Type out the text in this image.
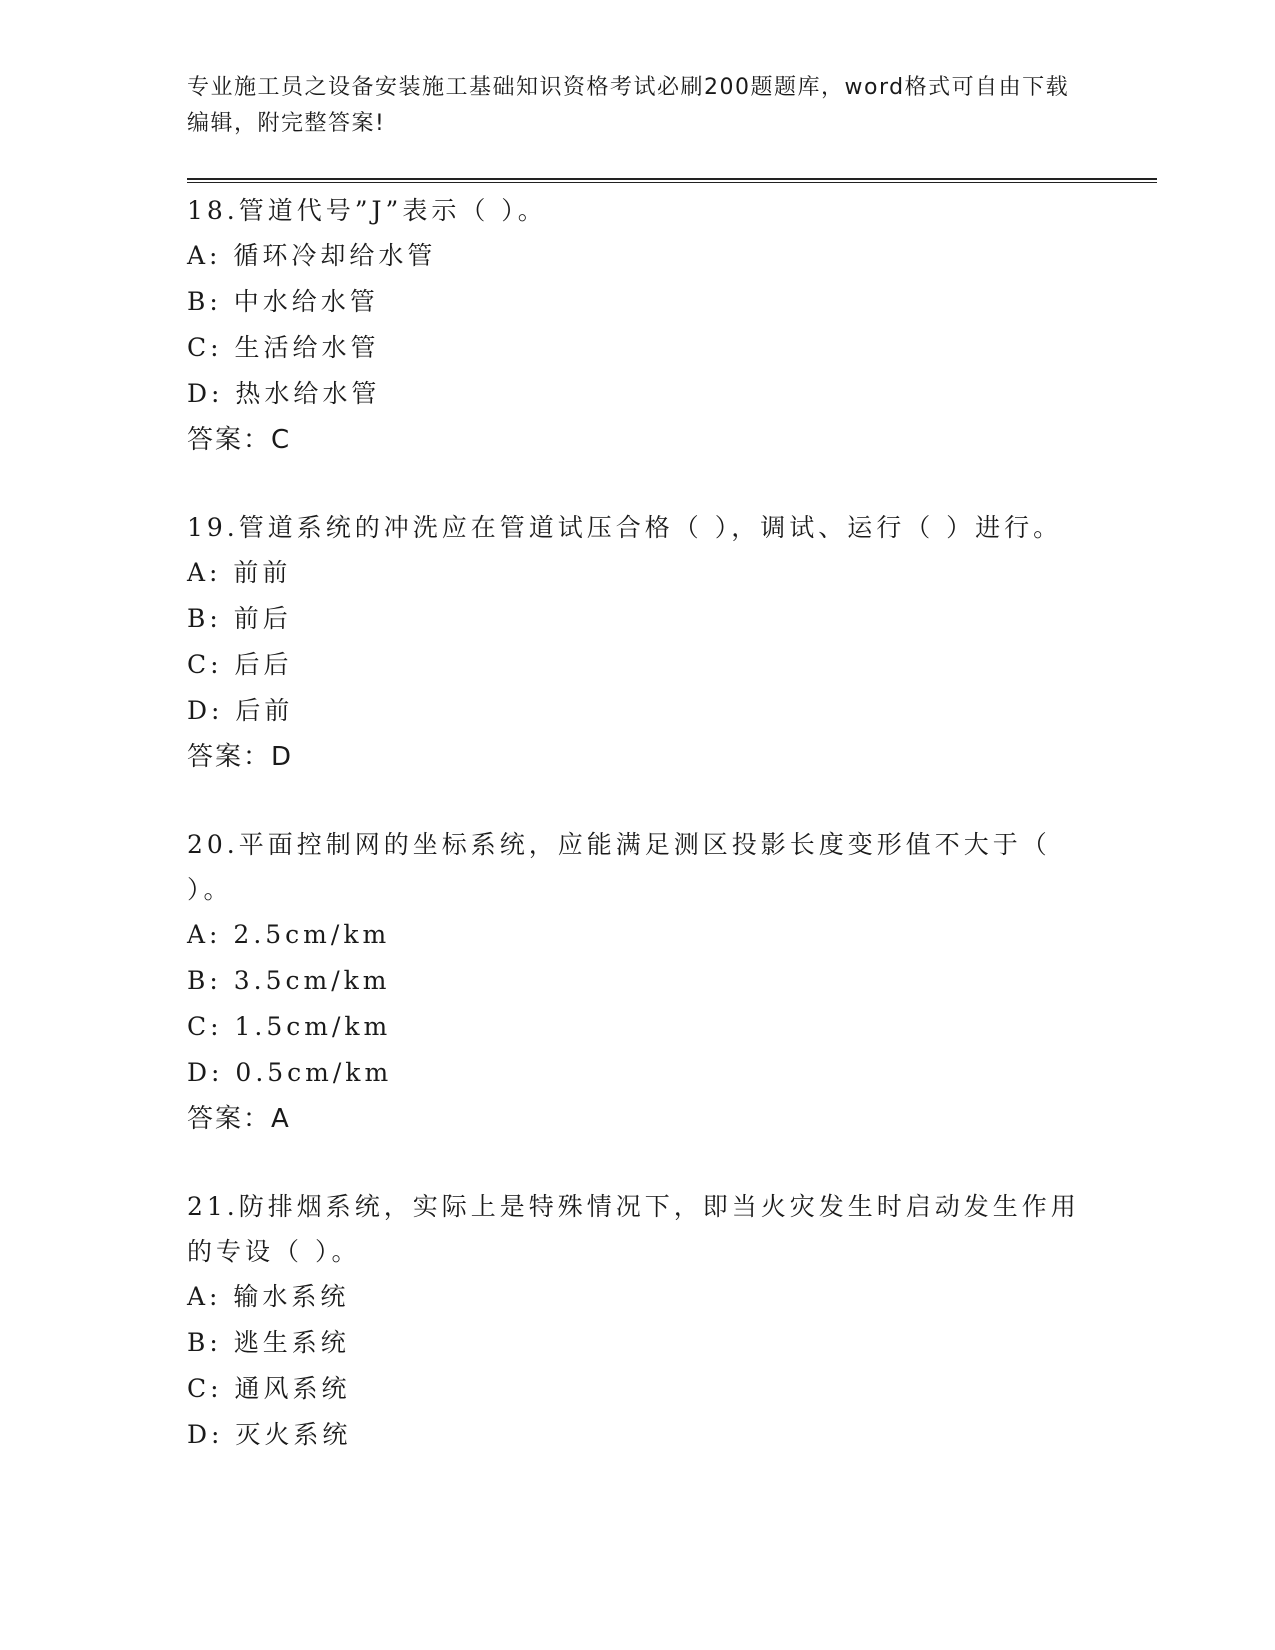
专业施工员之设备安装施工基础知识资格考试必刷200题题库，word格式可自由下载编辑，附完整答案!
18.管道代号”J”表示（ ）。
A: 循环冷却给水管
B: 中水给水管
C: 生活给水管
D: 热水给水管
答案：C
19.管道系统的冲洗应在管道试压合格（ ），调试、运行（ ）进行。
A: 前前
B: 前后
C: 后后
D: 后前
答案：D
20.平面控制网的坐标系统，应能满足测区投影长度变形值不大于（ ）。
A: 2.5cm/km
B: 3.5cm/km
C: 1.5cm/km
D: 0.5cm/km
答案：A
21.防排烟系统，实际上是特殊情况下，即当火灾发生时启动发生作用的专设（ ）。
A: 输水系统
B: 逃生系统
C: 通风系统
D: 灭火系统
